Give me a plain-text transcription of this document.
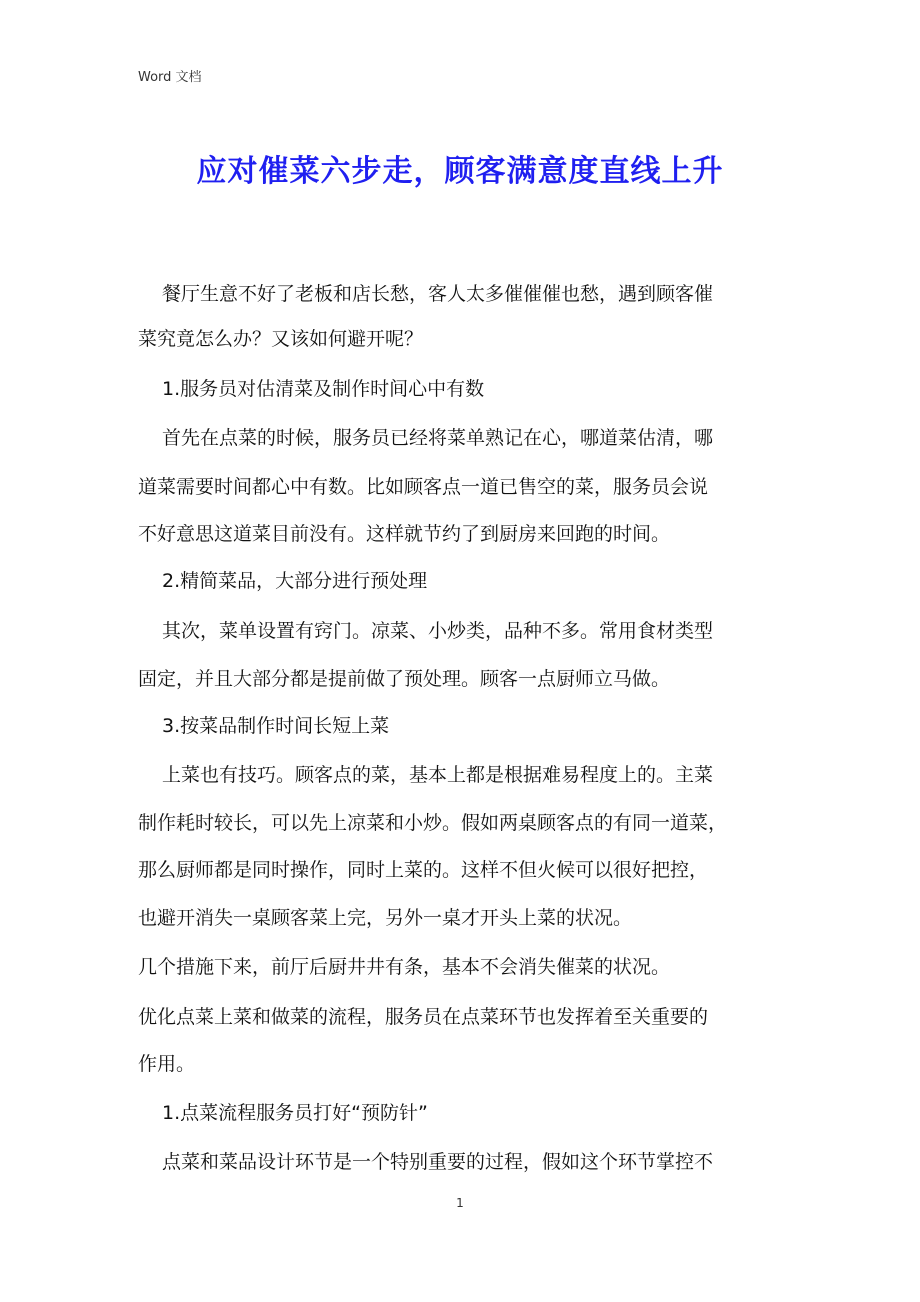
Word 文档
应对催菜六步走，顾客满意度直线上升
餐厅生意不好了老板和店长愁，客人太多催催催也愁，遇到顾客催
菜究竟怎么办？又该如何避开呢？
1.服务员对估清菜及制作时间心中有数
首先在点菜的时候，服务员已经将菜单熟记在心，哪道菜估清，哪
道菜需要时间都心中有数。比如顾客点一道已售空的菜，服务员会说
不好意思这道菜目前没有。这样就节约了到厨房来回跑的时间。
2.精简菜品，大部分进行预处理
其次，菜单设置有窍门。凉菜、小炒类，品种不多。常用食材类型
固定，并且大部分都是提前做了预处理。顾客一点厨师立马做。
3.按菜品制作时间长短上菜
上菜也有技巧。顾客点的菜，基本上都是根据难易程度上的。主菜
制作耗时较长，可以先上凉菜和小炒。假如两桌顾客点的有同一道菜，
那么厨师都是同时操作，同时上菜的。这样不但火候可以很好把控，
也避开消失一桌顾客菜上完，另外一桌才开头上菜的状况。
几个措施下来，前厅后厨井井有条，基本不会消失催菜的状况。
优化点菜上菜和做菜的流程，服务员在点菜环节也发挥着至关重要的
作用。
1.点菜流程服务员打好“预防针”
点菜和菜品设计环节是一个特别重要的过程，假如这个环节掌控不
1
